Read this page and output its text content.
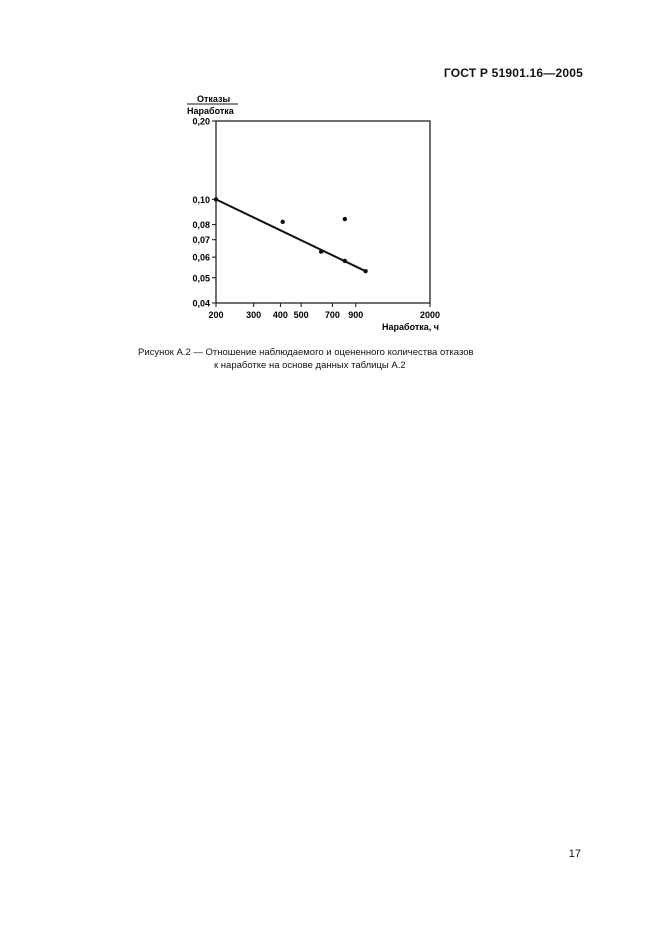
ГОСТ Р 51901.16—2005
0,04
0,05
0,06
0,07
0,08
0,10
0,20
200	300 400 500 700 900	2000
Отказы
Наработка
Наработка, ч
Рисунок А.2 — Отношение наблюдаемого и оцененного количества отказов
к наработке на основе данных таблицы А.2
17
